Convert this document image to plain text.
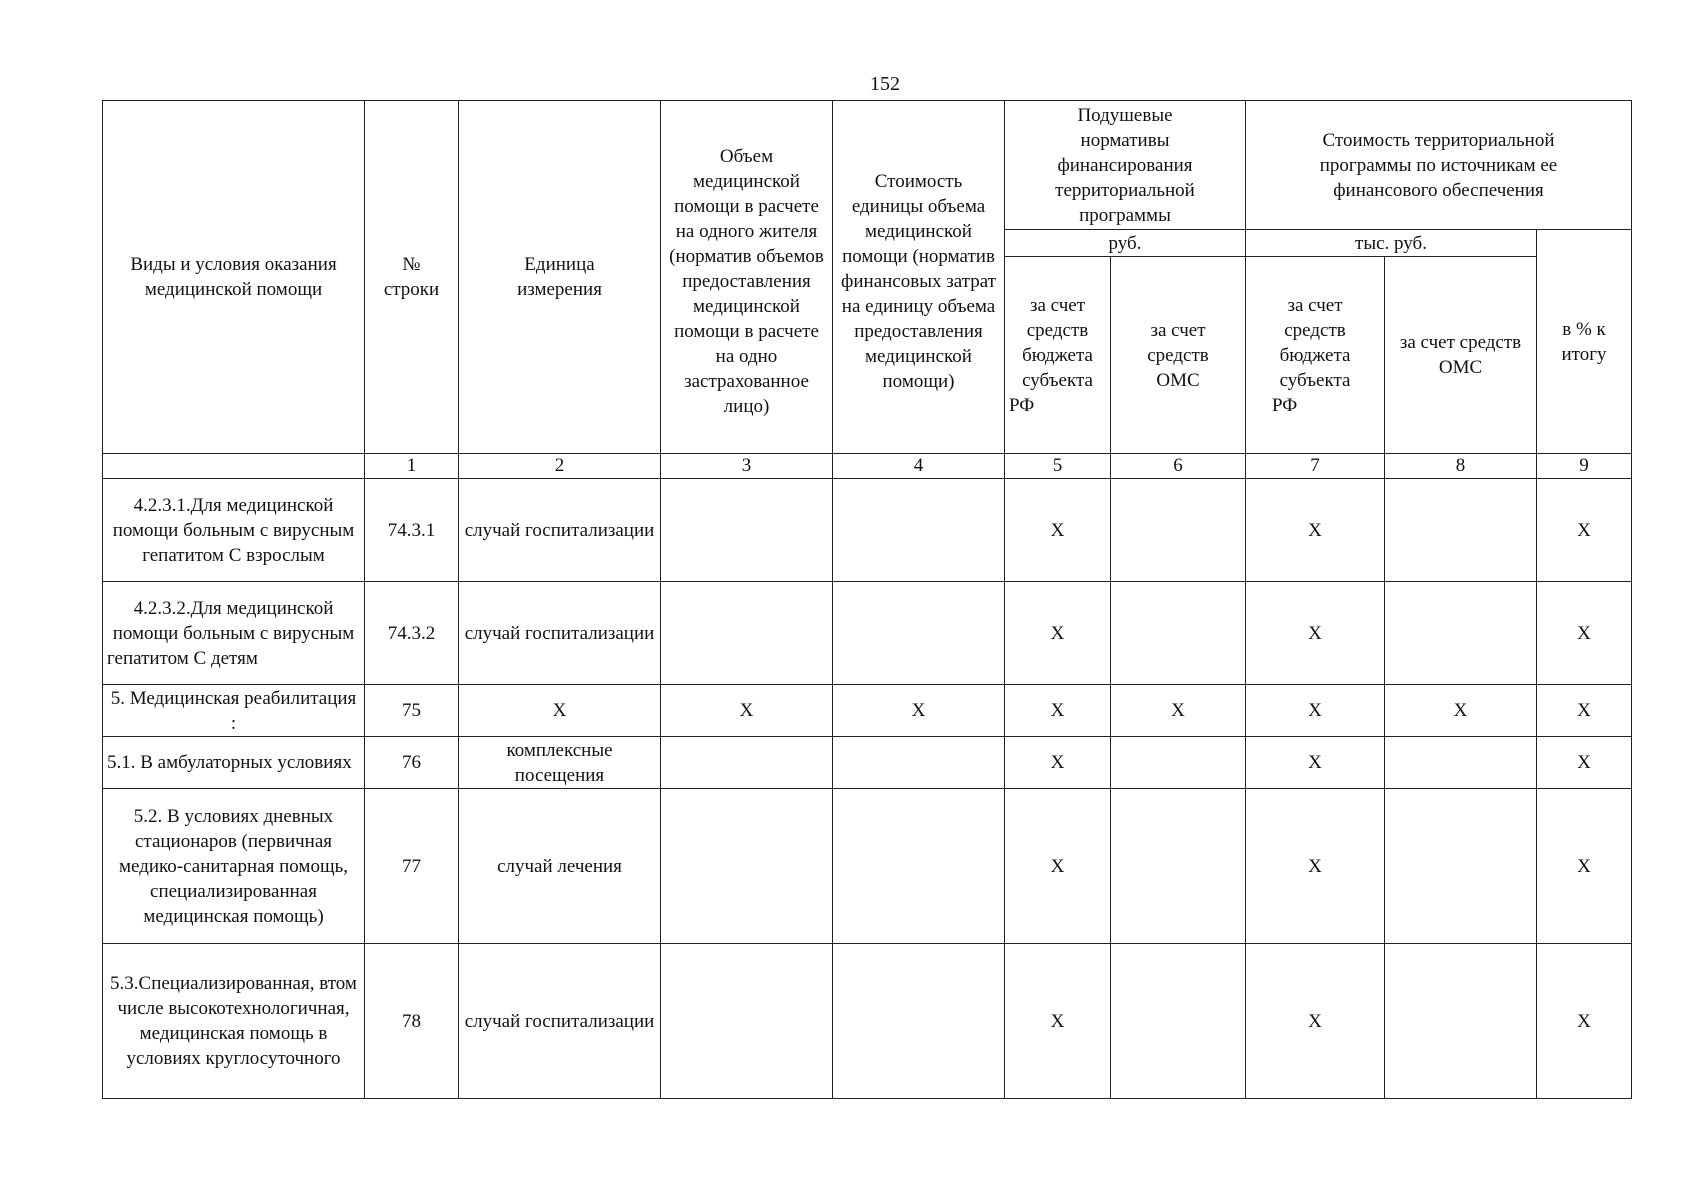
152
Виды и условия оказания медицинской помощи	№ строки	Единица измерения	Объем медицинской помощи в расчете на одного жителя (норматив объемов предоставления медицинской помощи в расчете на одно застрахованное лицо)	Стоимость единицы объема медицинской помощи (норматив финансовых затрат на единицу объема предоставления медицинской помощи)	Подушевые нормативы финансирования территориальной программы		Стоимость территориальной программы по источникам ее финансового обеспечения		
					руб.		тыс. руб.		в % к итогу
					за счет средств бюджета субъекта РФ	за счет средств ОМС	за счет средств бюджета субъекта РФ	за счет средств ОМС	
	1	2	3	4	5	6	7	8	9
4.2.3.1.Для медицинской помощи больным с вирусным гепатитом С взрослым	74.3.1	случай госпитализации			X		X		X
4.2.3.2.Для медицинской помощи больным с вирусным гепатитом С детям	74.3.2	случай госпитализации			X		X		X
5. Медицинская реабилитация :	75	X	X	X	X	X	X	X	X
5.1. В амбулаторных условиях	76	комплексные посещения			X		X		X
5.2. В условиях дневных стационаров (первичная медико-санитарная помощь, специализированная медицинская помощь)	77	случай лечения			X		X		X
5.3.Специализированная, втом числе высокотехнологичная, медицинская помощь в условиях круглосуточного	78	случай госпитализации			X		X		X
